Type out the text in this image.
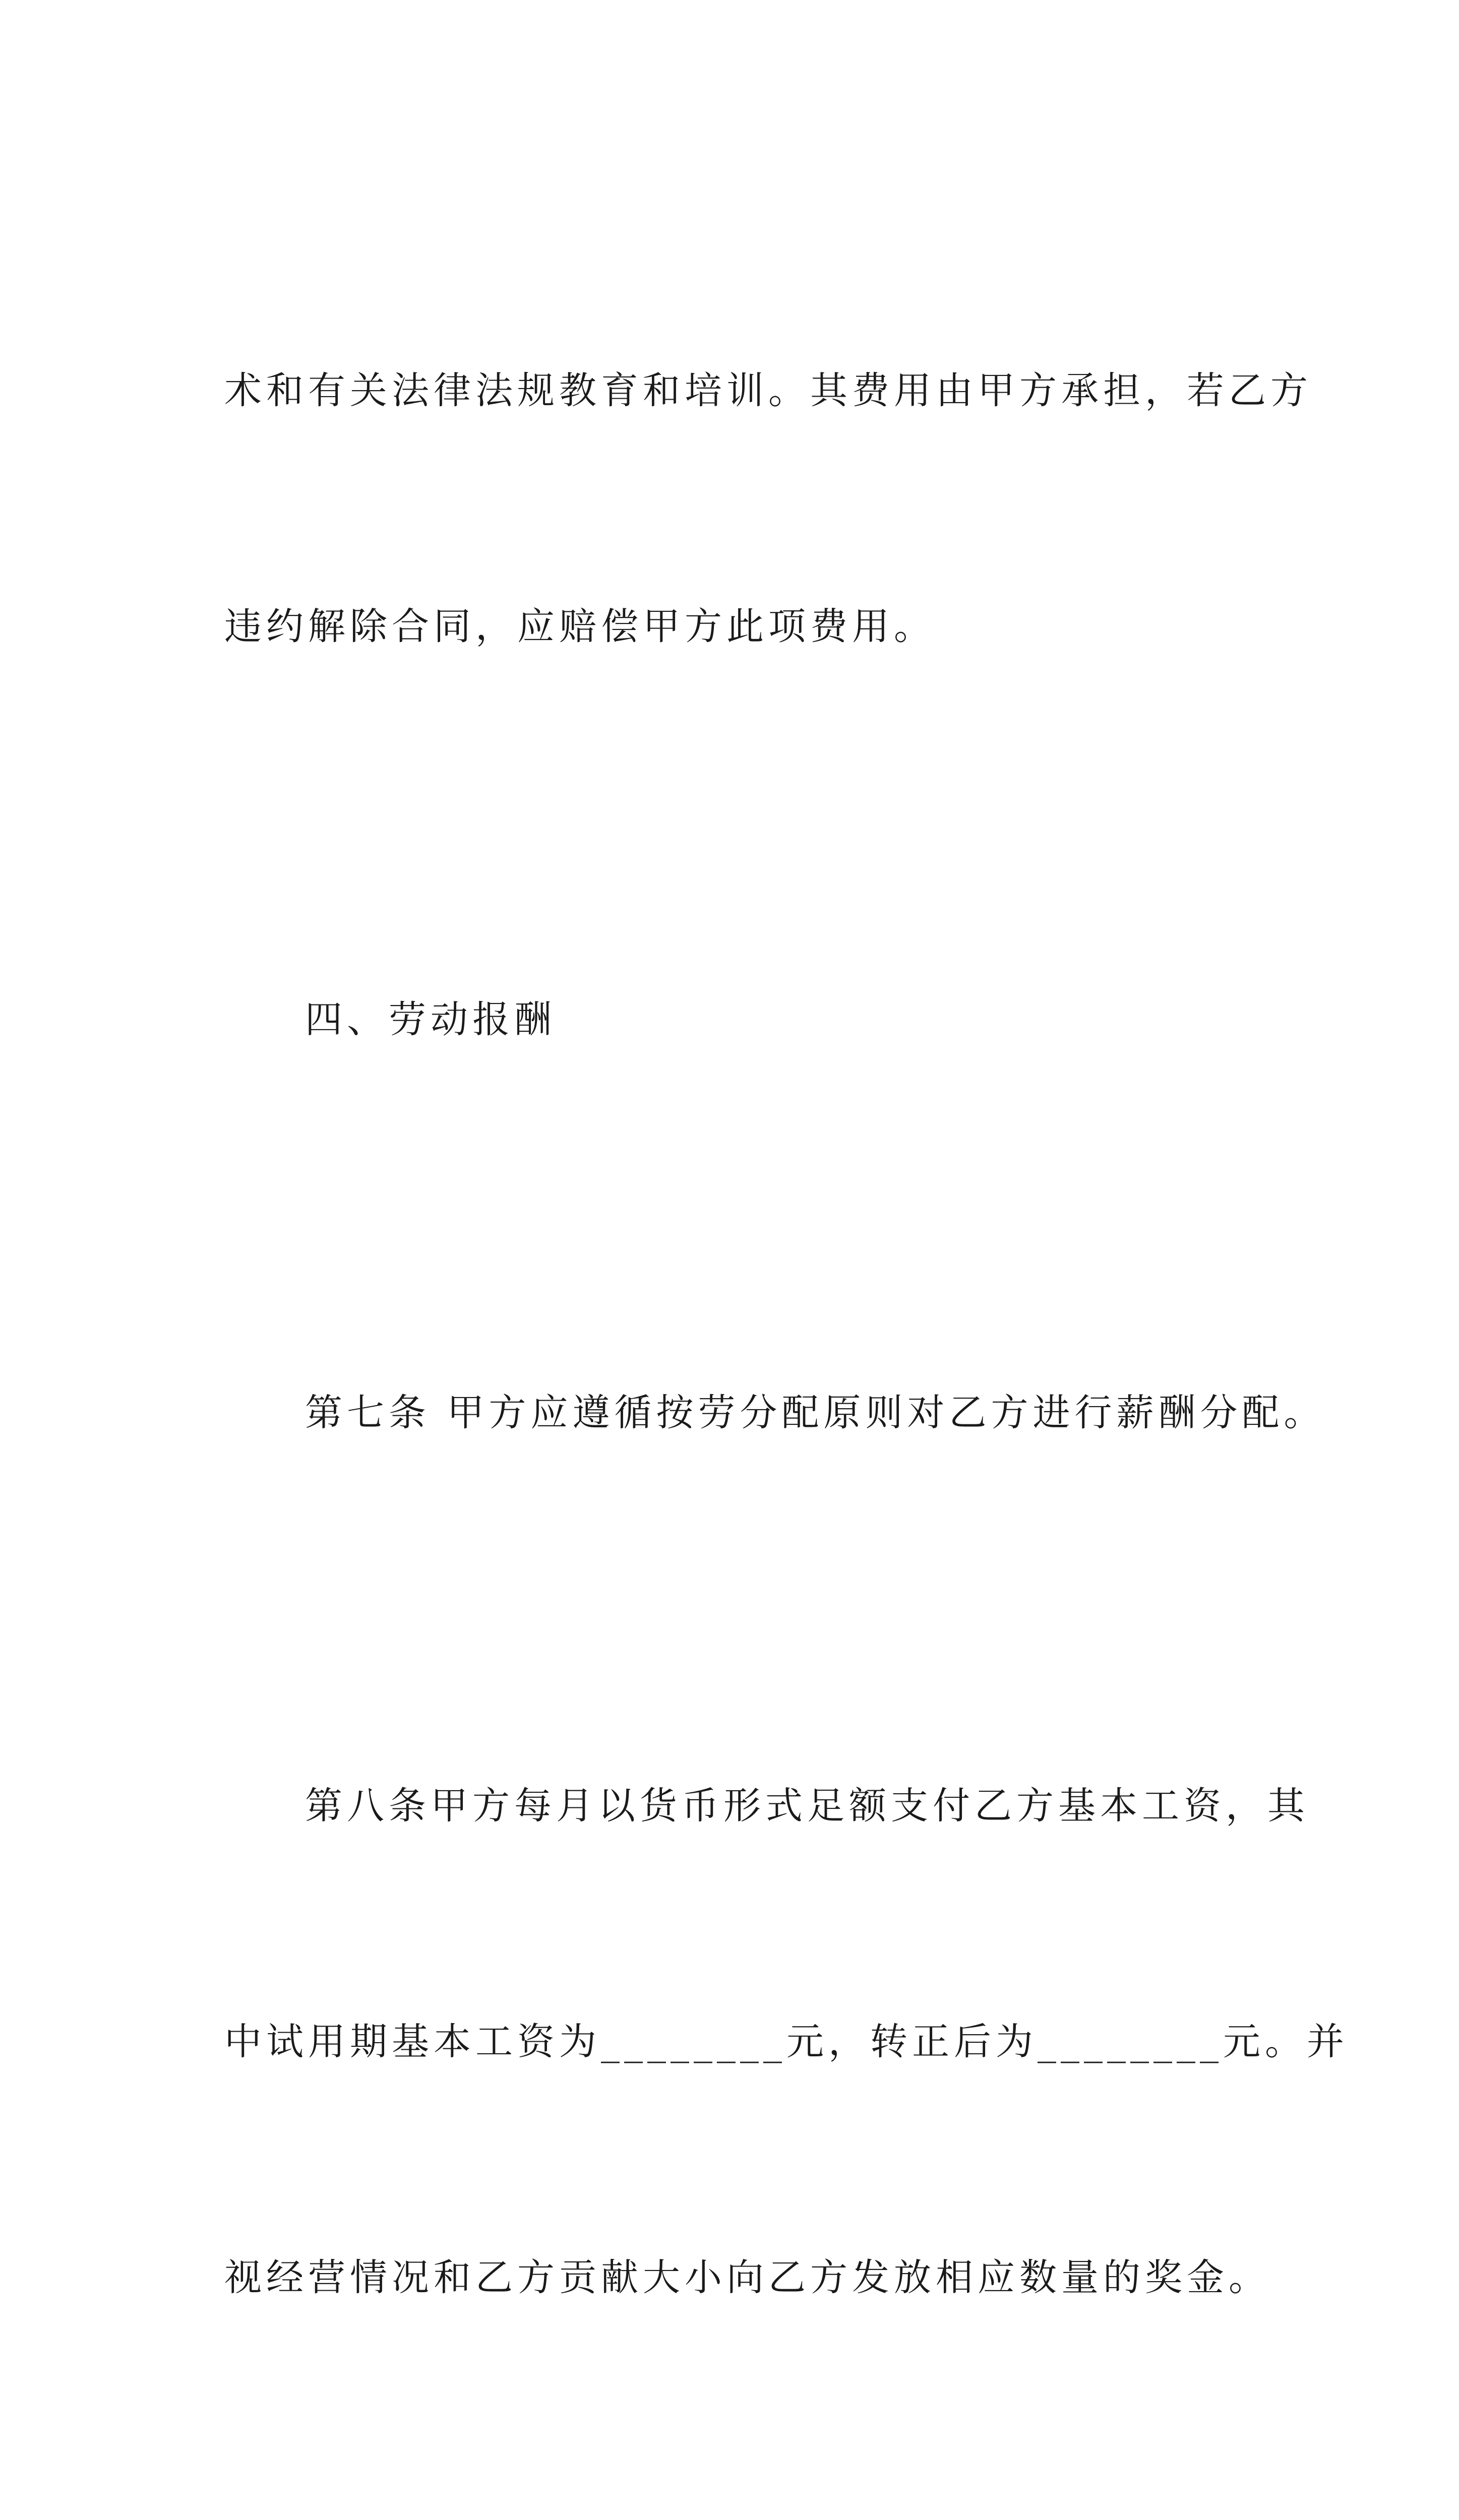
术和有关法律法规教育和培训。其费用由甲方承担，若乙方

违约解除合同，应赔偿甲方此项费用。

四、劳动报酬

第七条 甲方应遵循按劳分配原则对乙方进行薪酬分配。

第八条甲方每月以货币形式足额支付乙方基本工资，其

中试用期基本工资为________元，转正后为________元。并

视经营情况和乙方贡献大小向乙方发放相应数量的奖金。
